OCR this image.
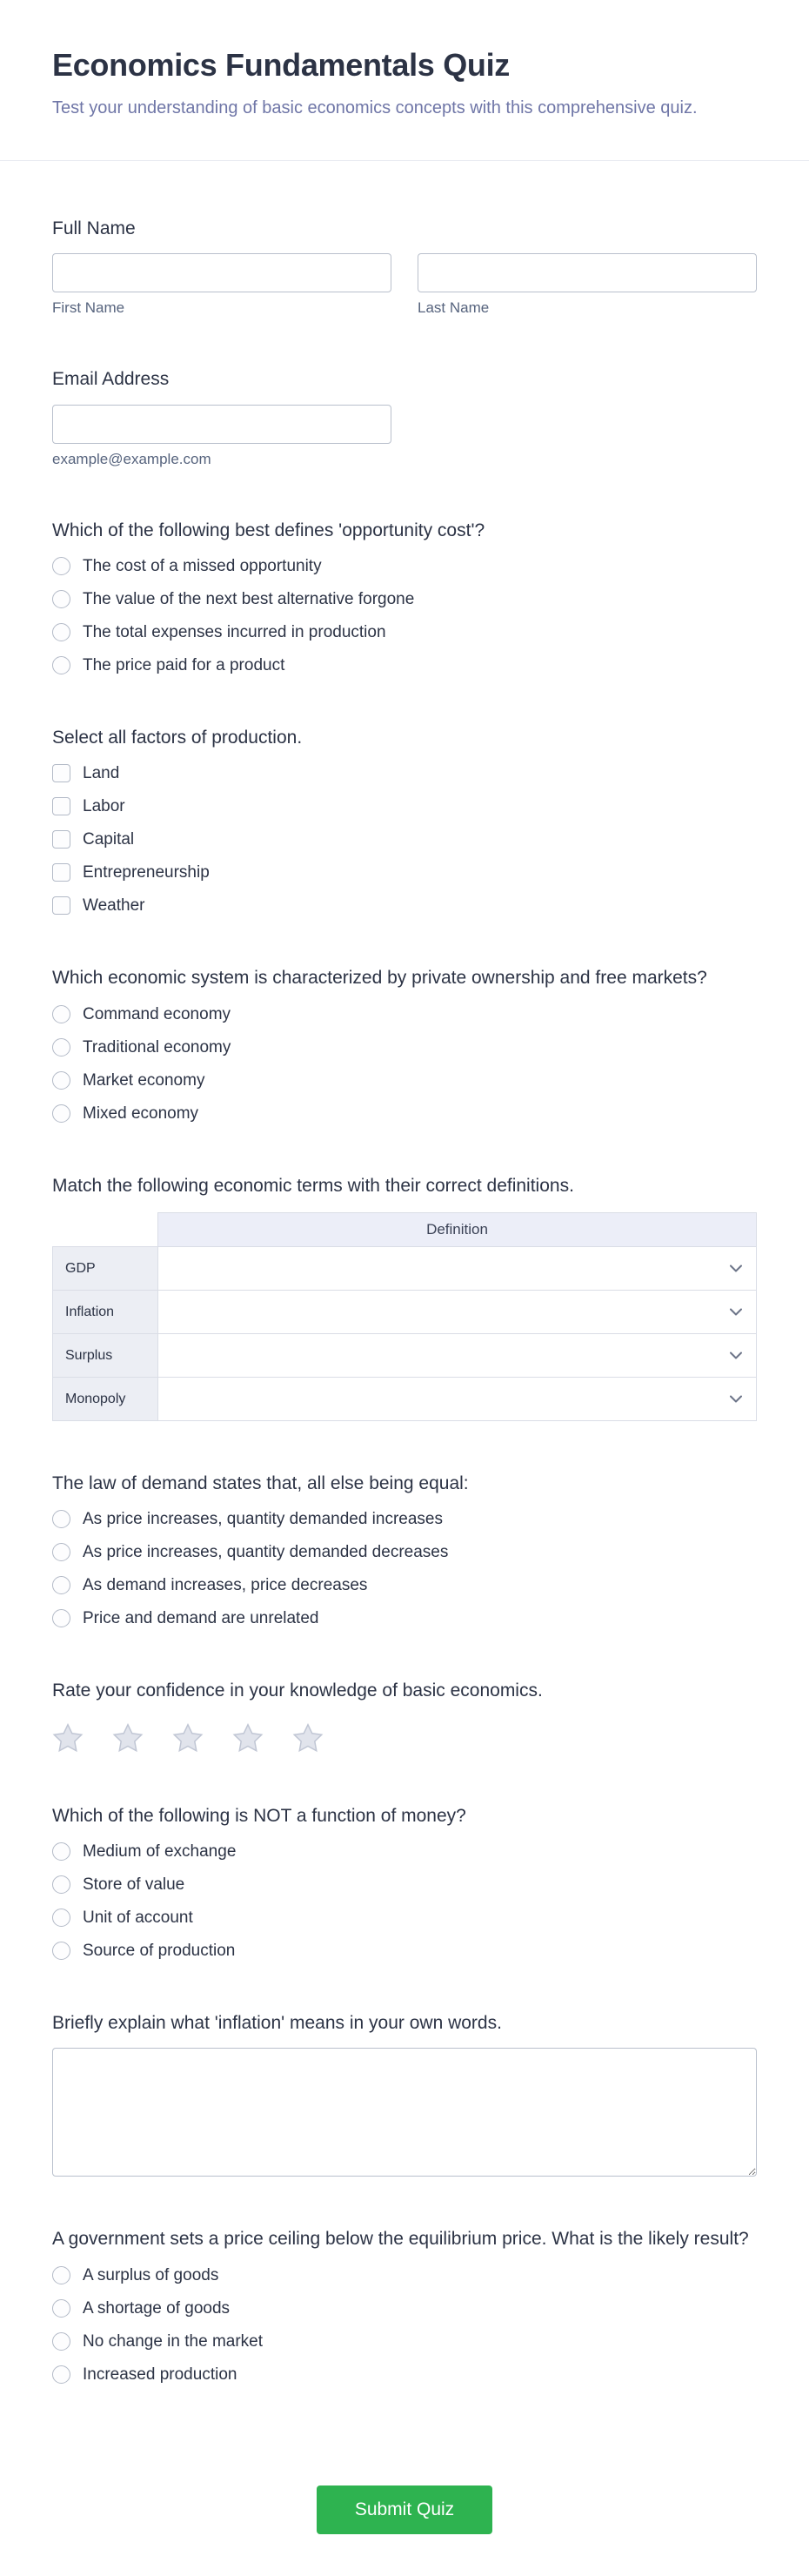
Economics Fundamentals Quiz
Test your understanding of basic economics concepts with this comprehensive quiz.
Full Name
First Name	Last Name
Email Address
example@example.com
Which of the following best defines 'opportunity cost'?
The cost of a missed opportunity
The value of the next best alternative forgone
The total expenses incurred in production
The price paid for a product
Select all factors of production.
Land
Labor
Capital
Entrepreneurship
Weather
Which economic system is characterized by private ownership and free markets?
Command economy
Traditional economy
Market economy
Mixed economy
Match the following economic terms with their correct definitions.
	Definition
GDP	

Inflation	

Surplus	

Monopoly	
The law of demand states that, all else being equal:
As price increases, quantity demanded increases
As price increases, quantity demanded decreases
As demand increases, price decreases
Price and demand are unrelated
Rate your confidence in your knowledge of basic economics.
Which of the following is NOT a function of money?
Medium of exchange
Store of value
Unit of account
Source of production
Briefly explain what 'inflation' means in your own words.
A government sets a price ceiling below the equilibrium price. What is the likely result?
A surplus of goods
A shortage of goods
No change in the market
Increased production
Submit Quiz
